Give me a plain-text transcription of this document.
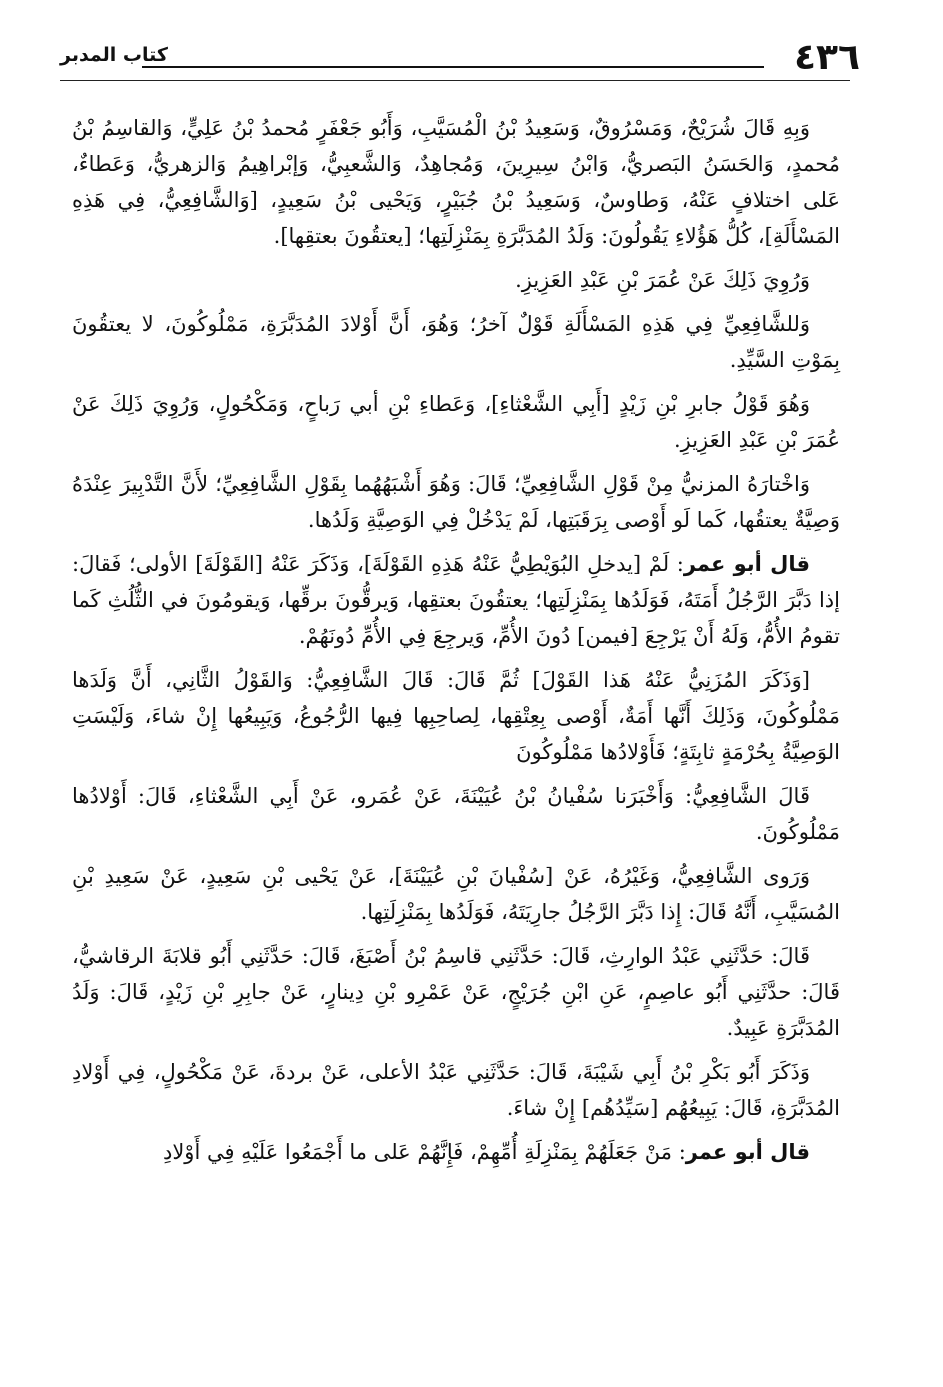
٤٣٦
كتاب المدبر

وَبِهِ قَالَ شُرَيْحٌ، وَمَسْرُوقٌ، وَسَعِيدُ بْنُ الْمُسَيَّبِ، وَأَبُو جَعْفَرٍ مُحمدُ بْنُ عَلِيٍّ، وَالقاسِمُ بْنُ مُحمدٍ، وَالحَسَنُ البَصريُّ، وَابْنُ سِيرِينَ، وَمُجاهِدٌ، وَالشَّعبِيُّ، وَإبْراهِيمُ وَالزهريُّ، وَعَطاءٌ، عَلى اختلافٍ عَنْهُ، وَطاوسٌ، وَسَعِيدُ بْنُ جُبَيْرٍ، وَيَحْيى بْنُ سَعِيدٍ، [وَالشَّافِعِيُّ، فِي هَذِهِ المَسْأَلَةِ]، كُلُّ هَؤُلاءِ يَقُولُونَ: وَلَدُ المُدَبَّرَةِ بِمَنْزِلَتِها؛ [يعتقُونَ بعتقِها].

وَرُوِيَ ذَلِكَ عَنْ عُمَرَ بْنِ عَبْدِ العَزِيزِ.

وَللشَّافِعِيِّ فِي هَذِهِ المَسْأَلَةِ قَوْلٌ آخرُ؛ وَهُوَ، أَنَّ أَوْلادَ المُدَبَّرَةِ، مَمْلُوكُونَ، لا يعتقُونَ بِمَوْتِ السَّيِّدِ.

وَهُوَ قَوْلُ جابرِ بْنِ زَيْدٍ [أَبِي الشَّعْثاءِ]، وَعَطاءِ بْنِ أبي رَباحٍ، وَمَكْحُولٍ، وَرُوِيَ ذَلِكَ عَنْ عُمَرَ بْنِ عَبْدِ العَزِيزِ.

وَاخْتارَهُ المزنيُّ مِنْ قَوْلِ الشَّافِعِيِّ؛ قَالَ: وَهُوَ أَشْبَهُهُما بِقَوْلِ الشَّافِعِيِّ؛ لأَنَّ التَّدْبِيرَ عِنْدَهُ وَصِيَّةٌ يعتقُها، كَما لَو أَوْصى بِرَقَبَتِها، لَمْ يَدْخُلْ فِي الوَصِيَّةِ وَلَدُها.

قال أبو عمر: لَمْ [يدخلِ البُوَيْطِيُّ عَنْهُ هَذِهِ القَوْلَةَ]، وَذَكَرَ عَنْهُ [القَوْلَةَ] الأولى؛ فَقالَ: إذا دَبَّرَ الرَّجُلُ أَمَتَهُ، فَوَلَدُها بِمَنْزِلَتِها؛ يعتقُونَ بعتقِها، وَيرقُّونَ برقِّها، وَيقومُونَ في الثُّلُثِ كَما تقومُ الأُمُّ، وَلَهُ أَنْ يَرْجِعَ [فيمن] دُونَ الأُمِّ، وَيرجِعَ فِي الأُمِّ دُونَهُمْ.

[وَذَكَرَ المُزَنِيُّ عَنْهُ هَذا القَوْلَ] ثُمَّ قَالَ: قَالَ الشَّافِعِيُّ: وَالقَوْلُ الثَّانِي، أَنَّ وَلَدَها مَمْلُوكُونَ، وَذَلِكَ أَنَّها أَمَةٌ، أَوْصى بِعِتْقِها، لِصاحِبِها فِيها الرُّجُوعُ، وَيَبِيعُها إِنْ شاءَ، وَلَيْسَتِ الوَصِيَّةُ بِحُرْمَةٍ ثابِتَةٍ؛ فَأَوْلادُها مَمْلُوكُونَ

قَالَ الشَّافِعِيُّ: وَأَخْبَرَنا سُفْيانُ بْنُ عُيَيْنَةَ، عَنْ عُمَرو، عَنْ أَبِي الشَّعْثاءِ، قَالَ: أَوْلادُها مَمْلُوكُونَ.

وَرَوى الشَّافِعِيُّ، وَغَيْرُهُ، عَنْ [سُفْيانَ بْنِ عُيَيْنَةَ]، عَنْ يَحْيى بْنِ سَعِيدٍ، عَنْ سَعِيدِ بْنِ المُسَيَّبِ، أَنَّهُ قَالَ: إِذا دَبَّرَ الرَّجُلُ جارِيَتَهُ، فَوَلَدُها بِمَنْزِلَتِها.

قَالَ: حَدَّثَنِي عَبْدُ الوارِثِ، قَالَ: حَدَّثَنِي قاسِمُ بْنُ أَصْبَغَ، قَالَ: حَدَّثَنِي أَبُو قلابَةَ الرقاشيُّ، قَالَ: حدَّثَنِي أَبُو عاصِمٍ، عَنِ ابْنِ جُرَيْجٍ، عَنْ عَمْرِو بْنِ دِينارٍ، عَنْ جابِرِ بْنِ زَيْدٍ، قَالَ: وَلَدُ المُدَبَّرَةِ عَبِيدٌ.

وَذَكَرَ أَبُو بَكْرِ بْنُ أَبِي شَيْبَةَ، قَالَ: حَدَّثَنِي عَبْدُ الأعلى، عَنْ بردةَ، عَنْ مَكْحُولٍ، فِي أَوْلادِ المُدَبَّرَةِ، قَالَ: يَبِيعُهُم [سَيِّدُهُم] إِنْ شاءَ.

قال أبو عمر: مَنْ جَعَلَهُمْ بِمَنْزِلَةِ أُمِّهِمْ، فَإِنَّهُمْ عَلى ما أَجْمَعُوا عَلَيْهِ فِي أَوْلادِ
